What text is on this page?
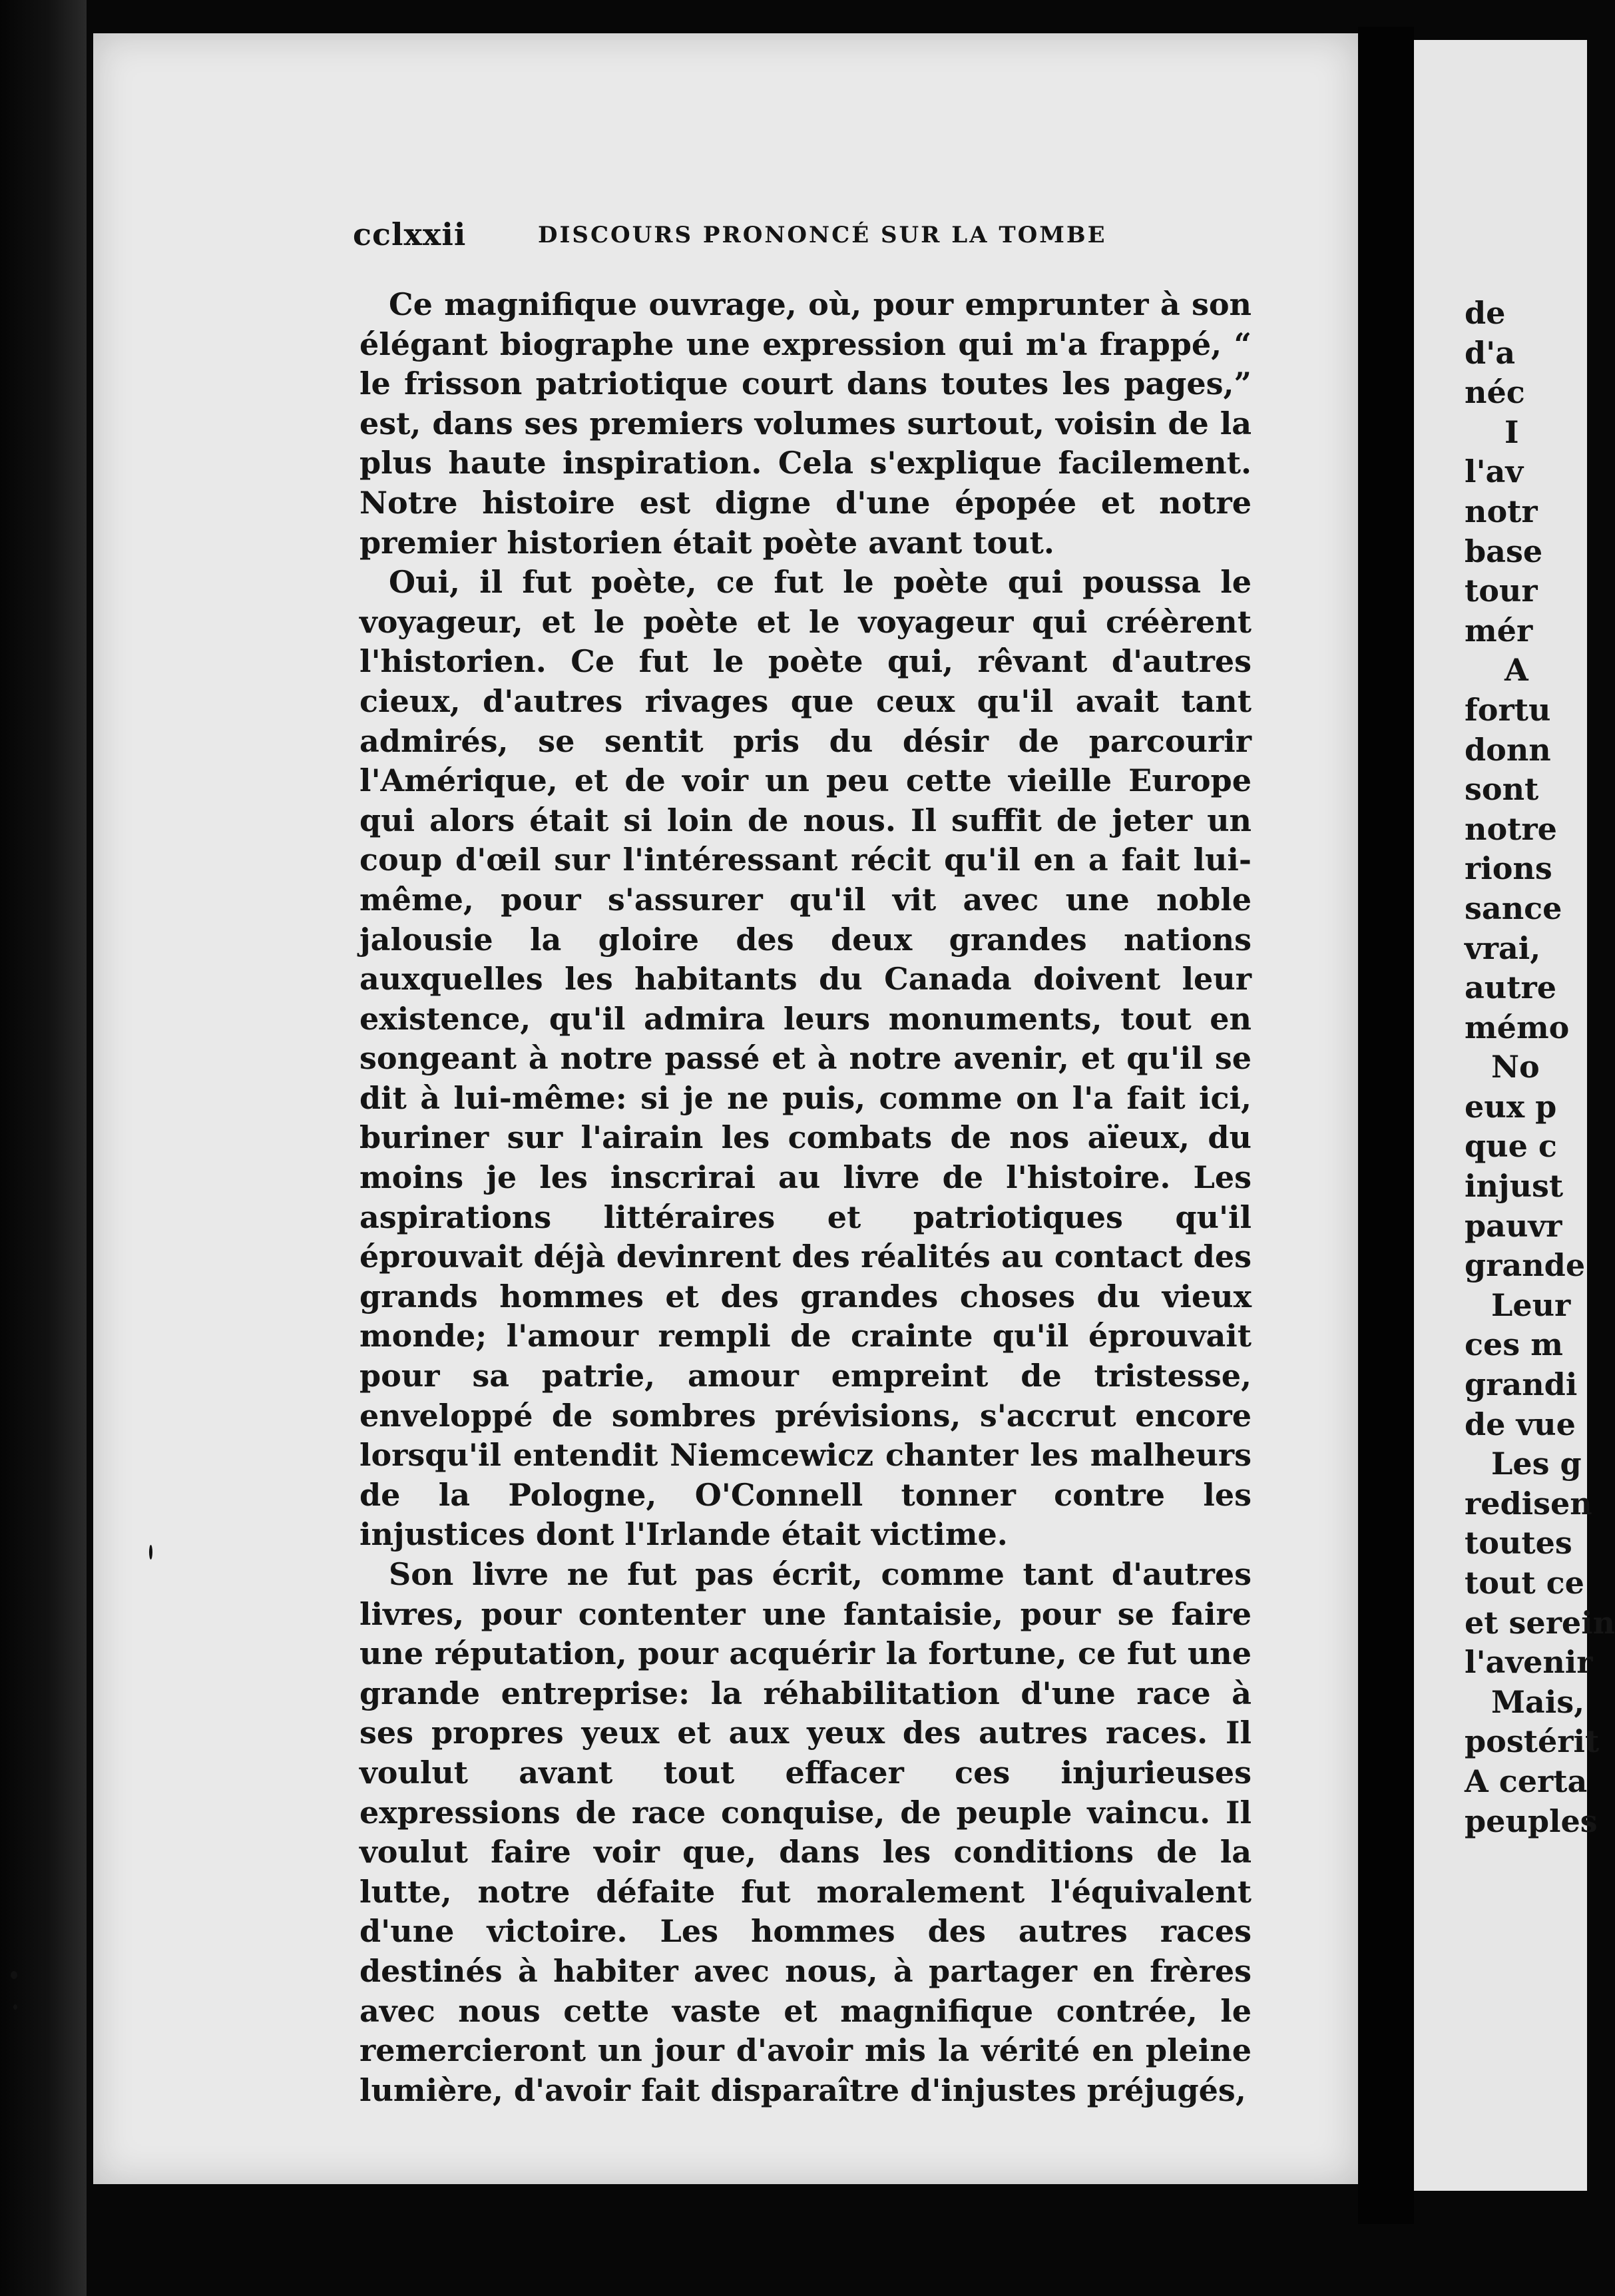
cclxxii	DISCOURS PRONONCÉ SUR LA TOMBE

Ce magnifique ouvrage, où, pour emprunter à son élégant biographe une expression qui m'a frappé, “ le frisson patriotique court dans toutes les pages,” est, dans ses premiers volumes surtout, voisin de la plus haute inspiration. Cela s'explique facilement. Notre histoire est digne d'une épopée et notre premier historien était poète avant tout.

Oui, il fut poète, ce fut le poète qui poussa le voyageur, et le poète et le voyageur qui créèrent l'historien. Ce fut le poète qui, rêvant d'autres cieux, d'autres rivages que ceux qu'il avait tant admirés, se sentit pris du désir de parcourir l'Amérique, et de voir un peu cette vieille Europe qui alors était si loin de nous. Il suffit de jeter un coup d'œil sur l'intéressant récit qu'il en a fait lui-même, pour s'assurer qu'il vit avec une noble jalousie la gloire des deux grandes nations auxquelles les habitants du Canada doivent leur existence, qu'il admira leurs monuments, tout en songeant à notre passé et à notre avenir, et qu'il se dit à lui-même: si je ne puis, comme on l'a fait ici, buriner sur l'airain les combats de nos aïeux, du moins je les inscrirai au livre de l'histoire. Les aspirations littéraires et patriotiques qu'il éprouvait déjà devinrent des réalités au contact des grands hommes et des grandes choses du vieux monde; l'amour rempli de crainte qu'il éprouvait pour sa patrie, amour empreint de tristesse, enveloppé de sombres prévisions, s'accrut encore lorsqu'il entendit Niemcewicz chanter les malheurs de la Pologne, O'Connell tonner contre les injustices dont l'Irlande était victime.

Son livre ne fut pas écrit, comme tant d'autres livres, pour contenter une fantaisie, pour se faire une réputation, pour acquérir la fortune, ce fut une grande entreprise: la réhabilitation d'une race à ses propres yeux et aux yeux des autres races. Il voulut avant tout effacer ces injurieuses expressions de race conquise, de peuple vaincu. Il voulut faire voir que, dans les conditions de la lutte, notre défaite fut moralement l'équivalent d'une victoire. Les hommes des autres races destinés à habiter avec nous, à partager en frères avec nous cette vaste et magnifique contrée, le remercieront un jour d'avoir mis la vérité en pleine lumière, d'avoir fait disparaître d'injustes préjugés,

de
d'a
néc
I
l'av
notr
base
tour
mér
A
fortu
donn
sont
notre
rions
sance
vrai,
autre
mémo
No
eux p
que c
injust
pauvr
grande
Leur
ces m
grandi
de vue
Les g
redisen
toutes
tout ce
et serein
l'avenir
Mais,
postérit
A certa
peuples
